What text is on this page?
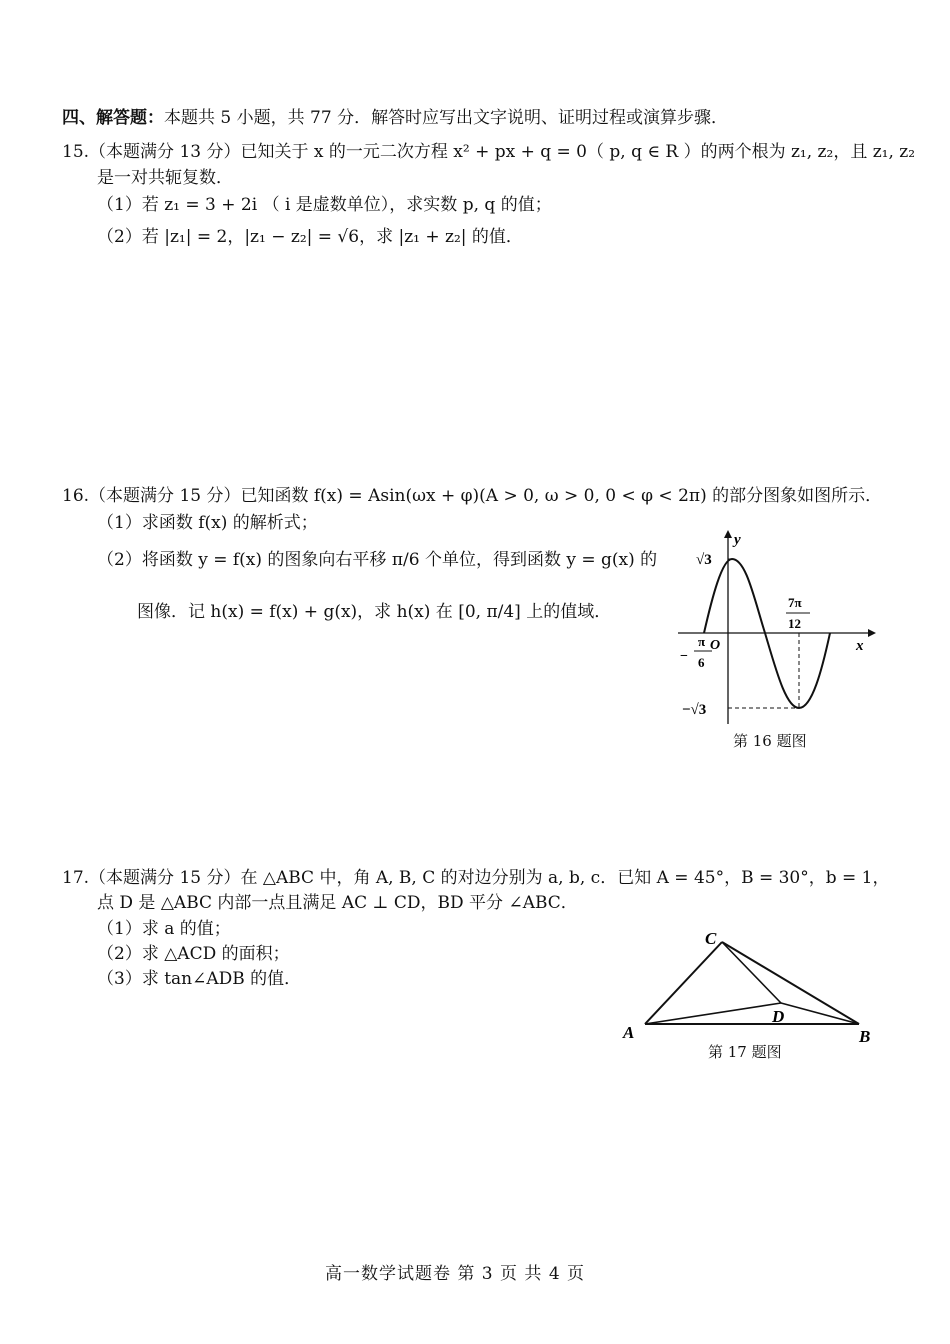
四、解答题：本题共 5 小题，共 77 分．解答时应写出文字说明、证明过程或演算步骤．
15.（本题满分 13 分）已知关于 x 的一元二次方程 x² + px + q = 0（ p, q ∈ R ）的两个根为 z₁, z₂，且 z₁, z₂
是一对共轭复数．
（1）若 z₁ = 3 + 2i （ i 是虚数单位），求实数 p, q 的值；
（2）若 |z₁| = 2，|z₁ − z₂| = √6，求 |z₁ + z₂| 的值．
16.（本题满分 15 分）已知函数 f(x) = Asin(ωx + φ)(A > 0, ω > 0, 0 < φ < 2π) 的部分图象如图所示．
（1）求函数 f(x) 的解析式；
（2）将函数 y = f(x) 的图象向右平移 π/6 个单位，得到函数 y = g(x) 的
图像．记 h(x) = f(x) + g(x)，求 h(x) 在 [0, π/4] 上的值域．
y
x
O
√3
−√3
−
π
6
7π
12
第 16 题图
17.（本题满分 15 分）在 △ABC 中，角 A, B, C 的对边分别为 a, b, c．已知 A = 45°，B = 30°，b = 1，
点 D 是 △ABC 内部一点且满足 AC ⊥ CD，BD 平分 ∠ABC．
（1）求 a 的值；
（2）求 △ACD 的面积；
（3）求 tan∠ADB 的值．
C
A	B
D
第 17 题图
高一数学试题卷 第 3 页 共 4 页
